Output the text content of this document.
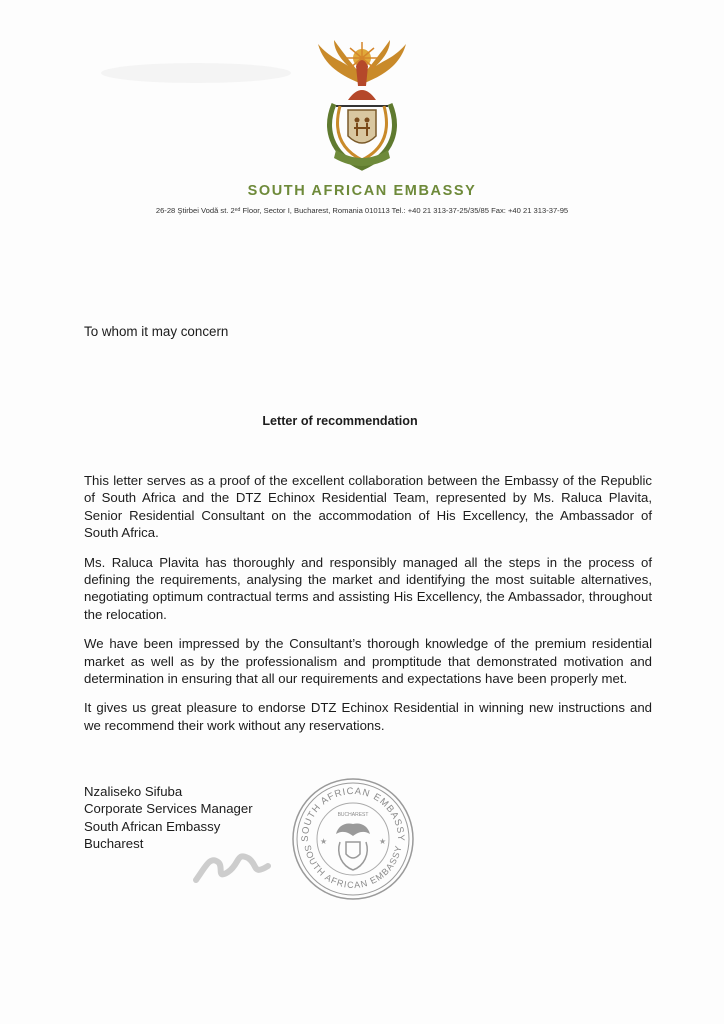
SOUTH AFRICAN EMBASSY
26-28 Ştirbei Vodă st. 2ⁿᵈ Floor, Sector I, Bucharest, Romania 010113 Tel.: +40 21 313-37-25/35/85 Fax: +40 21 313-37-95
To whom it may concern
Letter of recommendation

This letter serves as a proof of the excellent collaboration between the Embassy of the Republic of South Africa and the DTZ Echinox Residential Team, represented by Ms. Raluca Plavita, Senior Residential Consultant on the accommodation of His Excellency, the Ambassador of South Africa.

Ms. Raluca Plavita has thoroughly and responsibly managed all the steps in the process of defining the requirements, analysing the market and identifying the most suitable alternatives, negotiating optimum contractual terms and assisting His Excellency, the Ambassador, throughout the relocation.

We have been impressed by the Consultant’s thorough knowledge of the premium residential market as well as by the professionalism and promptitude that demonstrated motivation and determination in ensuring that all our requirements and expectations have been properly met.

It gives us great pleasure to endorse DTZ Echinox Residential in winning new instructions and we recommend their work without any reservations.

Nzaliseko Sifuba
Corporate Services Manager
South African Embassy
Bucharest	SOUTH AFRICAN EMBASSY
BUCHAREST
★	★
SOUTH AFRICAN EMBASSY
